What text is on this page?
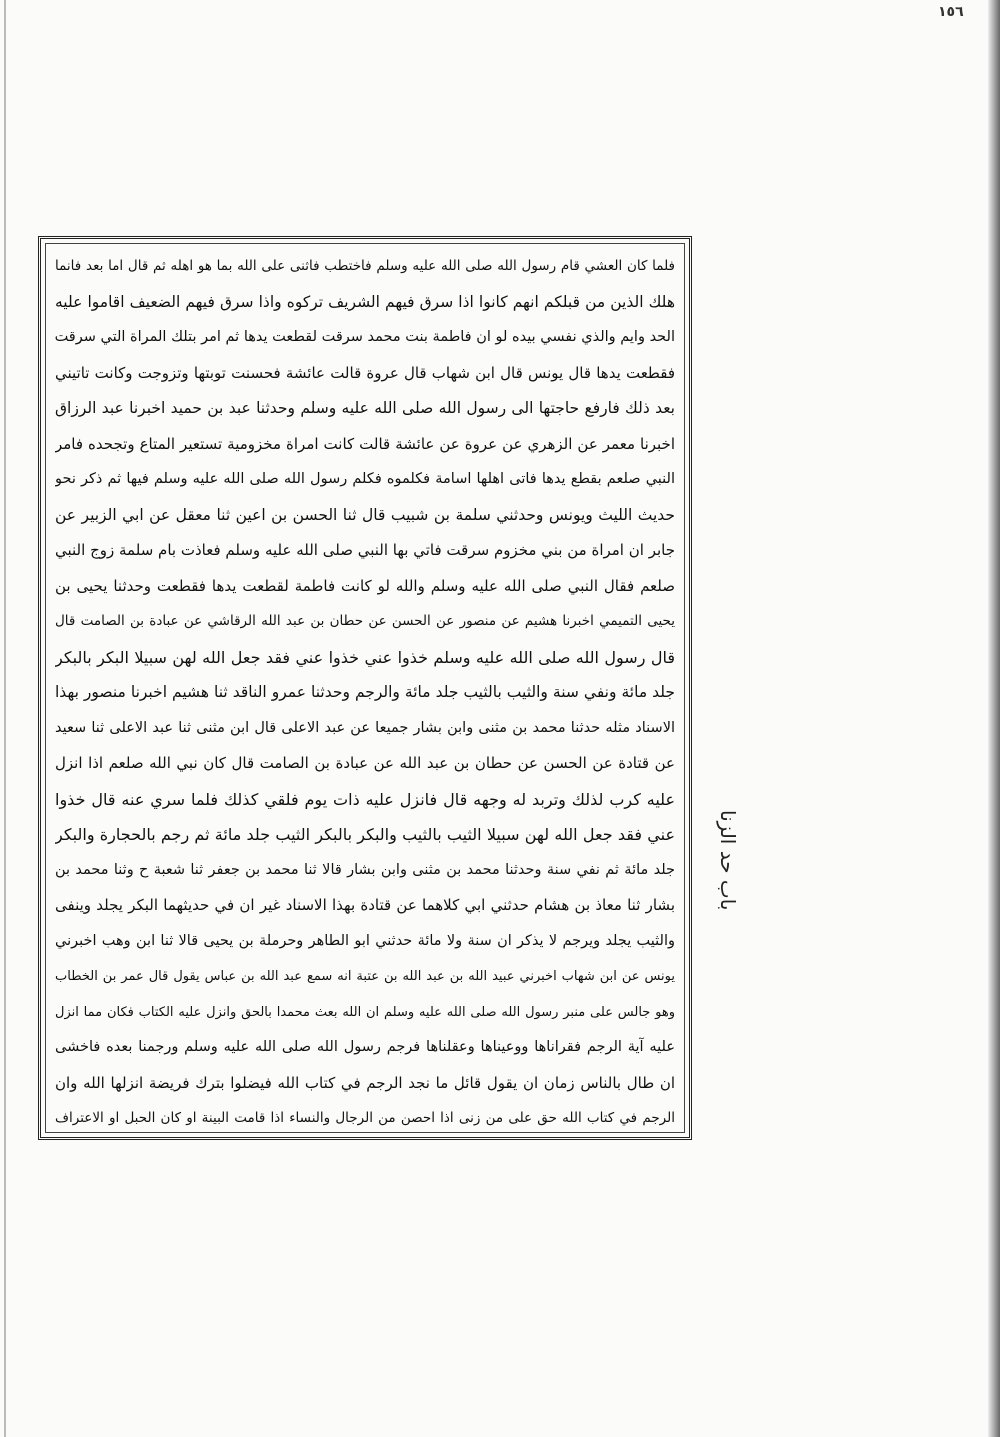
١٥٦
فلما كان العشي قام رسول الله صلى الله عليه وسلم فاختطب فاثنى على الله بما هو اهله ثم قال اما بعد فانما
هلك الذين من قبلكم انهم كانوا اذا سرق فيهم الشريف تركوه واذا سرق فيهم الضعيف اقاموا عليه
الحد وايم والذي نفسي بيده لو ان فاطمة بنت محمد سرقت لقطعت يدها ثم امر بتلك المراة التي سرقت
فقطعت يدها قال يونس قال ابن شهاب قال عروة قالت عائشة فحسنت توبتها وتزوجت وكانت تاتيني
بعد ذلك فارفع حاجتها الى رسول الله صلى الله عليه وسلم وحدثنا عبد بن حميد اخبرنا عبد الرزاق
اخبرنا معمر عن الزهري عن عروة عن عائشة قالت كانت امراة مخزومية تستعير المتاع وتجحده فامر
النبي صلعم بقطع يدها فاتى اهلها اسامة فكلموه فكلم رسول الله صلى الله عليه وسلم فيها ثم ذكر نحو
حديث الليث ويونس وحدثني سلمة بن شبيب قال ثنا الحسن بن اعين ثنا معقل عن ابي الزبير عن
جابر ان امراة من بني مخزوم سرقت فاتي بها النبي صلى الله عليه وسلم فعاذت بام سلمة زوج النبي
صلعم فقال النبي صلى الله عليه وسلم والله لو كانت فاطمة لقطعت يدها فقطعت وحدثنا يحيى بن
يحيى التميمي اخبرنا هشيم عن منصور عن الحسن عن حطان بن عبد الله الرقاشي عن عبادة بن الصامت قال
قال رسول الله صلى الله عليه وسلم خذوا عني خذوا عني فقد جعل الله لهن سبيلا البكر بالبكر
جلد مائة ونفي سنة والثيب بالثيب جلد مائة والرجم وحدثنا عمرو الناقد ثنا هشيم اخبرنا منصور بهذا
الاسناد مثله حدثنا محمد بن مثنى وابن بشار جميعا عن عبد الاعلى قال ابن مثنى ثنا عبد الاعلى ثنا سعيد
عن قتادة عن الحسن عن حطان بن عبد الله عن عبادة بن الصامت قال كان نبي الله صلعم اذا انزل
عليه كرب لذلك وتربد له وجهه قال فانزل عليه ذات يوم فلقي كذلك فلما سري عنه قال خذوا
عني فقد جعل الله لهن سبيلا الثيب بالثيب والبكر بالبكر الثيب جلد مائة ثم رجم بالحجارة والبكر
جلد مائة ثم نفي سنة وحدثنا محمد بن مثنى وابن بشار قالا ثنا محمد بن جعفر ثنا شعبة ح وثنا محمد بن
بشار ثنا معاذ بن هشام حدثني ابي كلاهما عن قتادة بهذا الاسناد غير ان في حديثهما البكر يجلد وينفى
والثيب يجلد ويرجم لا يذكر ان سنة ولا مائة حدثني ابو الطاهر وحرملة بن يحيى قالا ثنا ابن وهب اخبرني
يونس عن ابن شهاب اخبرني عبيد الله بن عبد الله بن عتبة انه سمع عبد الله بن عباس يقول قال عمر بن الخطاب
وهو جالس على منبر رسول الله صلى الله عليه وسلم ان الله بعث محمدا بالحق وانزل عليه الكتاب فكان مما انزل
عليه آية الرجم فقراناها ووعيناها وعقلناها فرجم رسول الله صلى الله عليه وسلم ورجمنا بعده فاخشى
ان طال بالناس زمان ان يقول قائل ما نجد الرجم في كتاب الله فيضلوا بترك فريضة انزلها الله وان
الرجم في كتاب الله حق على من زنى اذا احصن من الرجال والنساء اذا قامت البينة او كان الحبل او الاعتراف
باب حد الزنا
